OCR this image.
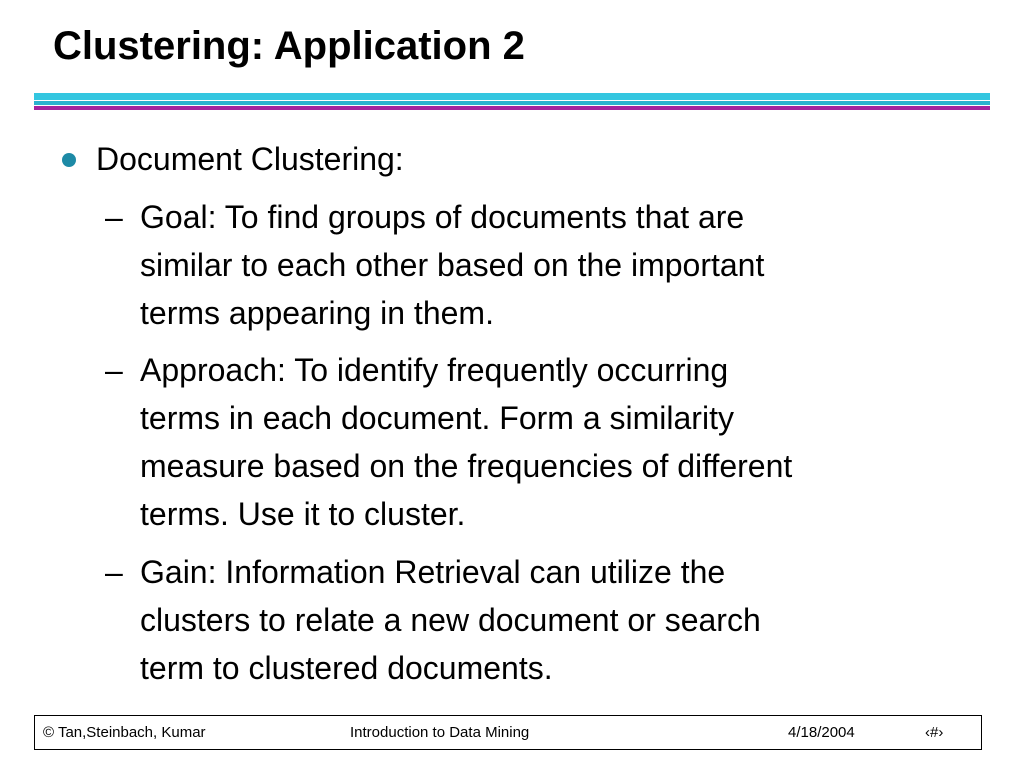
Clustering: Application 2
Document Clustering:
– Goal: To find groups of documents that are
similar to each other based on the important
terms appearing in them.
– Approach: To identify frequently occurring
terms in each document. Form a similarity
measure based on the frequencies of different
terms. Use it to cluster.
– Gain: Information Retrieval can utilize the
clusters to relate a new document or search
term to clustered documents.
© Tan,Steinbach, Kumar	Introduction to Data Mining	4/18/2004	‹#›
